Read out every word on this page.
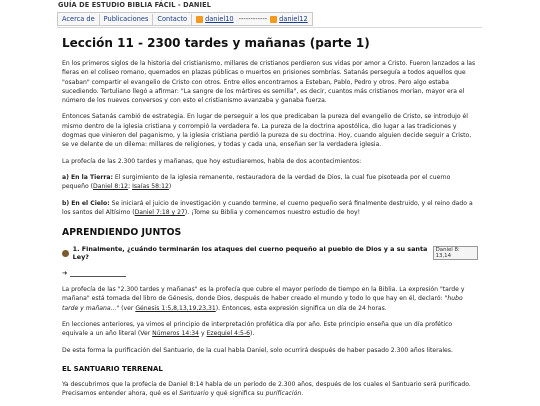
GUÍA DE ESTUDIO BIBLIA FÁCIL - DANIEL
Acerca de	Publicaciones	Contacto	daniel10 ------------	daniel12
Lección 11 - 2300 tardes y mañanas (parte 1)

En los primeros siglos de la historia del cristianismo, millares de cristianos perdieron sus vidas por amor a Cristo. Fueron lanzados a las fieras en el coliseo romano, quemados en plazas públicas o muertos en prisiones sombrías. Satanás perseguía a todos aquellos que "osaban" compartir el evangelio de Cristo con otros. Entre ellos encontramos a Esteban, Pablo, Pedro y otros. Pero algo estaba sucediendo. Tertuliano llegó a afirmar: "La sangre de los mártires es semilla", es decir, cuantos más cristianos morían, mayor era el número de los nuevos conversos y con esto el cristianismo avanzaba y ganaba fuerza.

Entonces Satanás cambió de estrategia. En lugar de perseguir a los que predicaban la pureza del evangelio de Cristo, se introdujo él mismo dentro de la iglesia cristiana y corrompió la verdadera fe. La pureza de la doctrina apostólica, dio lugar a las tradiciones y dogmas que vinieron del paganismo, y la iglesia cristiana perdió la pureza de su doctrina. Hoy, cuando alguien decide seguir a Cristo, se ve delante de un dilema: millares de religiones, y todas y cada una, enseñan ser la verdadera iglesia.

La profecía de las 2.300 tardes y mañanas, que hoy estudiaremos, habla de dos acontecimientos:

a) En la Tierra: El surgimiento de la iglesia remanente, restauradora de la verdad de Dios, la cual fue pisoteada por el cuerno pequeño (Daniel 8:12; Isaías 58:12)

b) En el Cielo: Se iniciará el juicio de investigación y cuando termine, el cuerno pequeño será finalmente destruido, y el reino dado a los santos del Altísimo (Daniel 7:18 y 27). ¡Tome su Biblia y comencemos nuestro estudio de hoy!

APRENDIENDO JUNTOS
1. Finalmente, ¿cuándo terminarán los ataques del cuerno pequeño al pueblo de Dios y a su santa Ley?
Daniel 8: 13,14
➜

La profecía de las "2.300 tardes y mañanas" es la profecía que cubre el mayor período de tiempo en la Biblia. La expresión "tarde y mañana" está tomada del libro de Génesis, donde Dios, después de haber creado el mundo y todo lo que hay en él, declaró: "hubo tarde y mañana..." (ver Génesis 1:5,8,13,19,23,31). Entonces, esta expresión significa un día de 24 horas.

En lecciones anteriores, ya vimos el principio de interpretación profética día por año. Este principio enseña que un día profético equivale a un año literal (Ver Números 14:34 y Ezequiel 4:5-6).

De esta forma la purificación del Santuario, de la cual habla Daniel, solo ocurrirá después de haber pasado 2.300 años literales.

EL SANTUARIO TERRENAL

Ya descubrimos que la profecía de Daniel 8:14 habla de un período de 2.300 años, después de los cuales el Santuario será purificado. Precisamos entender ahora, qué es el Santuario y qué significa su purificación.
